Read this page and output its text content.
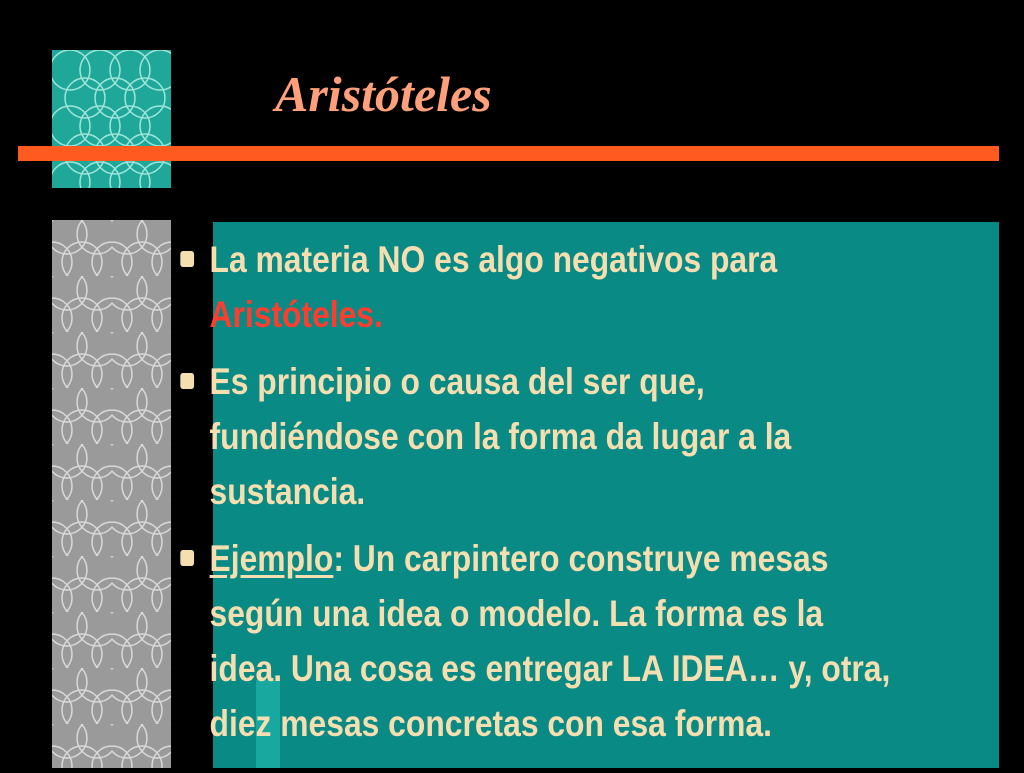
Aristóteles
La materia NO es algo negativos para
Aristóteles.
Es principio o causa del ser que,
fundiéndose con la forma da lugar a la
sustancia.
Ejemplo: Un carpintero construye mesas
según una idea o modelo. La forma es la
idea. Una cosa es entregar LA IDEA… y, otra,
diez mesas concretas con esa forma.
